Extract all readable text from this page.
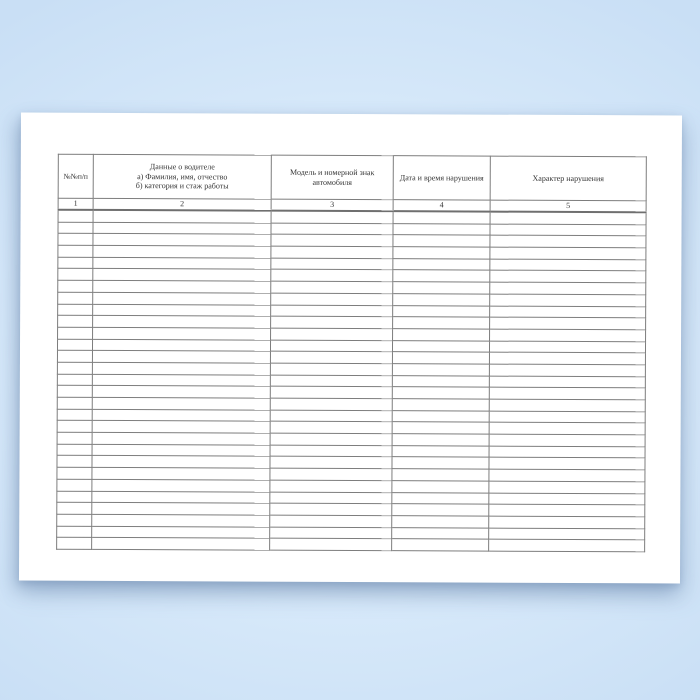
№№п/п	Данные о водителе
а) Фамилия, имя, отчество
б) категория и стаж работы	Модель и номерной знак
автомобиля	Дата и время нарушения	Характер нарушения

1	2	3	4	5
